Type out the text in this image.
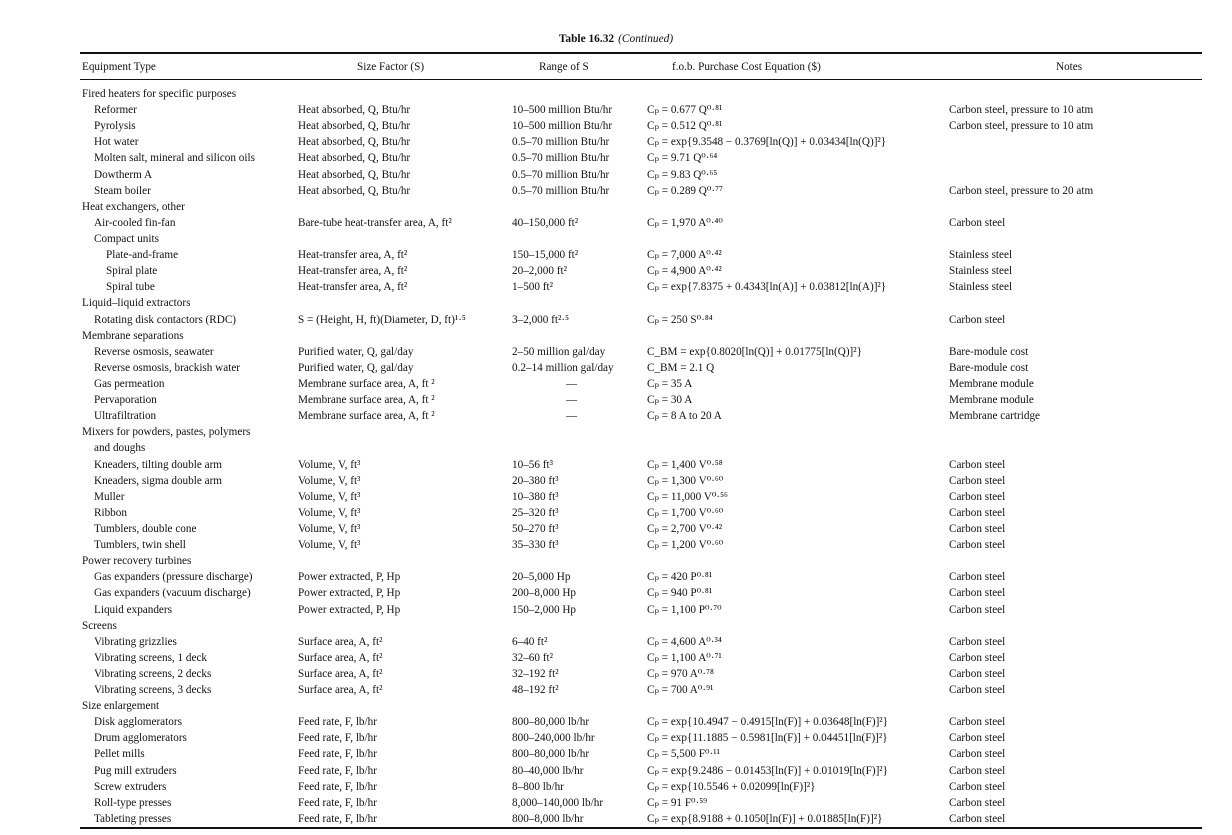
Table 16.32 (Continued)
Equipment Type	Size Factor (S)	Range of S	f.o.b. Purchase Cost Equation ($)	Notes
Fired heaters for specific purposes
Reformer	Heat absorbed, Q, Btu/hr	10–500 million Btu/hr	Cₚ = 0.677 Q⁰·⁸¹	Carbon steel, pressure to 10 atm
Pyrolysis	Heat absorbed, Q, Btu/hr	10–500 million Btu/hr	Cₚ = 0.512 Q⁰·⁸¹	Carbon steel, pressure to 10 atm
Hot water	Heat absorbed, Q, Btu/hr	0.5–70 million Btu/hr	Cₚ = exp{9.3548 − 0.3769[ln(Q)] + 0.03434[ln(Q)]²}
Molten salt, mineral and silicon oils	Heat absorbed, Q, Btu/hr	0.5–70 million Btu/hr	Cₚ = 9.71 Q⁰·⁶⁴
Dowtherm A	Heat absorbed, Q, Btu/hr	0.5–70 million Btu/hr	Cₚ = 9.83 Q⁰·⁶⁵
Steam boiler	Heat absorbed, Q, Btu/hr	0.5–70 million Btu/hr	Cₚ = 0.289 Q⁰·⁷⁷	Carbon steel, pressure to 20 atm
Heat exchangers, other
Air-cooled fin-fan	Bare-tube heat-transfer area, A, ft²	40–150,000 ft²	Cₚ = 1,970 A⁰·⁴⁰	Carbon steel
Compact units
Plate-and-frame	Heat-transfer area, A, ft²	150–15,000 ft²	Cₚ = 7,000 A⁰·⁴²	Stainless steel
Spiral plate	Heat-transfer area, A, ft²	20–2,000 ft²	Cₚ = 4,900 A⁰·⁴²	Stainless steel
Spiral tube	Heat-transfer area, A, ft²	1–500 ft²	Cₚ = exp{7.8375 + 0.4343[ln(A)] + 0.03812[ln(A)]²}	Stainless steel
Liquid–liquid extractors
Rotating disk contactors (RDC)	S = (Height, H, ft)(Diameter, D, ft)¹·⁵	3–2,000 ft²·⁵	Cₚ = 250 S⁰·⁸⁴	Carbon steel
Membrane separations
Reverse osmosis, seawater	Purified water, Q, gal/day	2–50 million gal/day	C_BM = exp{0.8020[ln(Q)] + 0.01775[ln(Q)]²}	Bare-module cost
Reverse osmosis, brackish water	Purified water, Q, gal/day	0.2–14 million gal/day	C_BM = 2.1 Q	Bare-module cost
Gas permeation	Membrane surface area, A, ft ²	—	Cₚ = 35 A	Membrane module
Pervaporation	Membrane surface area, A, ft ²	—	Cₚ = 30 A	Membrane module
Ultrafiltration	Membrane surface area, A, ft ²	—	Cₚ = 8 A to 20 A	Membrane cartridge
Mixers for powders, pastes, polymers
and doughs
Kneaders, tilting double arm	Volume, V, ft³	10–56 ft³	Cₚ = 1,400 V⁰·⁵⁸	Carbon steel
Kneaders, sigma double arm	Volume, V, ft³	20–380 ft³	Cₚ = 1,300 V⁰·⁶⁰	Carbon steel
Muller	Volume, V, ft³	10–380 ft³	Cₚ = 11,000 V⁰·⁵⁶	Carbon steel
Ribbon	Volume, V, ft³	25–320 ft³	Cₚ = 1,700 V⁰·⁶⁰	Carbon steel
Tumblers, double cone	Volume, V, ft³	50–270 ft³	Cₚ = 2,700 V⁰·⁴²	Carbon steel
Tumblers, twin shell	Volume, V, ft³	35–330 ft³	Cₚ = 1,200 V⁰·⁶⁰	Carbon steel
Power recovery turbines
Gas expanders (pressure discharge)	Power extracted, P, Hp	20–5,000 Hp	Cₚ = 420 P⁰·⁸¹	Carbon steel
Gas expanders (vacuum discharge)	Power extracted, P, Hp	200–8,000 Hp	Cₚ = 940 P⁰·⁸¹	Carbon steel
Liquid expanders	Power extracted, P, Hp	150–2,000 Hp	Cₚ = 1,100 P⁰·⁷⁰	Carbon steel
Screens
Vibrating grizzlies	Surface area, A, ft²	6–40 ft²	Cₚ = 4,600 A⁰·³⁴	Carbon steel
Vibrating screens, 1 deck	Surface area, A, ft²	32–60 ft²	Cₚ = 1,100 A⁰·⁷¹	Carbon steel
Vibrating screens, 2 decks	Surface area, A, ft²	32–192 ft²	Cₚ = 970 A⁰·⁷⁸	Carbon steel
Vibrating screens, 3 decks	Surface area, A, ft²	48–192 ft²	Cₚ = 700 A⁰·⁹¹	Carbon steel
Size enlargement
Disk agglomerators	Feed rate, F, lb/hr	800–80,000 lb/hr	Cₚ = exp{10.4947 − 0.4915[ln(F)] + 0.03648[ln(F)]²}	Carbon steel
Drum agglomerators	Feed rate, F, lb/hr	800–240,000 lb/hr	Cₚ = exp{11.1885 − 0.5981[ln(F)] + 0.04451[ln(F)]²}	Carbon steel
Pellet mills	Feed rate, F, lb/hr	800–80,000 lb/hr	Cₚ = 5,500 F⁰·¹¹	Carbon steel
Pug mill extruders	Feed rate, F, lb/hr	80–40,000 lb/hr	Cₚ = exp{9.2486 − 0.01453[ln(F)] + 0.01019[ln(F)]²}	Carbon steel
Screw extruders	Feed rate, F, lb/hr	8–800 lb/hr	Cₚ = exp{10.5546 + 0.02099[ln(F)]²}	Carbon steel
Roll-type presses	Feed rate, F, lb/hr	8,000–140,000 lb/hr	Cₚ = 91 F⁰·⁵⁹	Carbon steel
Tableting presses	Feed rate, F, lb/hr	800–8,000 lb/hr	Cₚ = exp{8.9188 + 0.1050[ln(F)] + 0.01885[ln(F)]²}	Carbon steel
